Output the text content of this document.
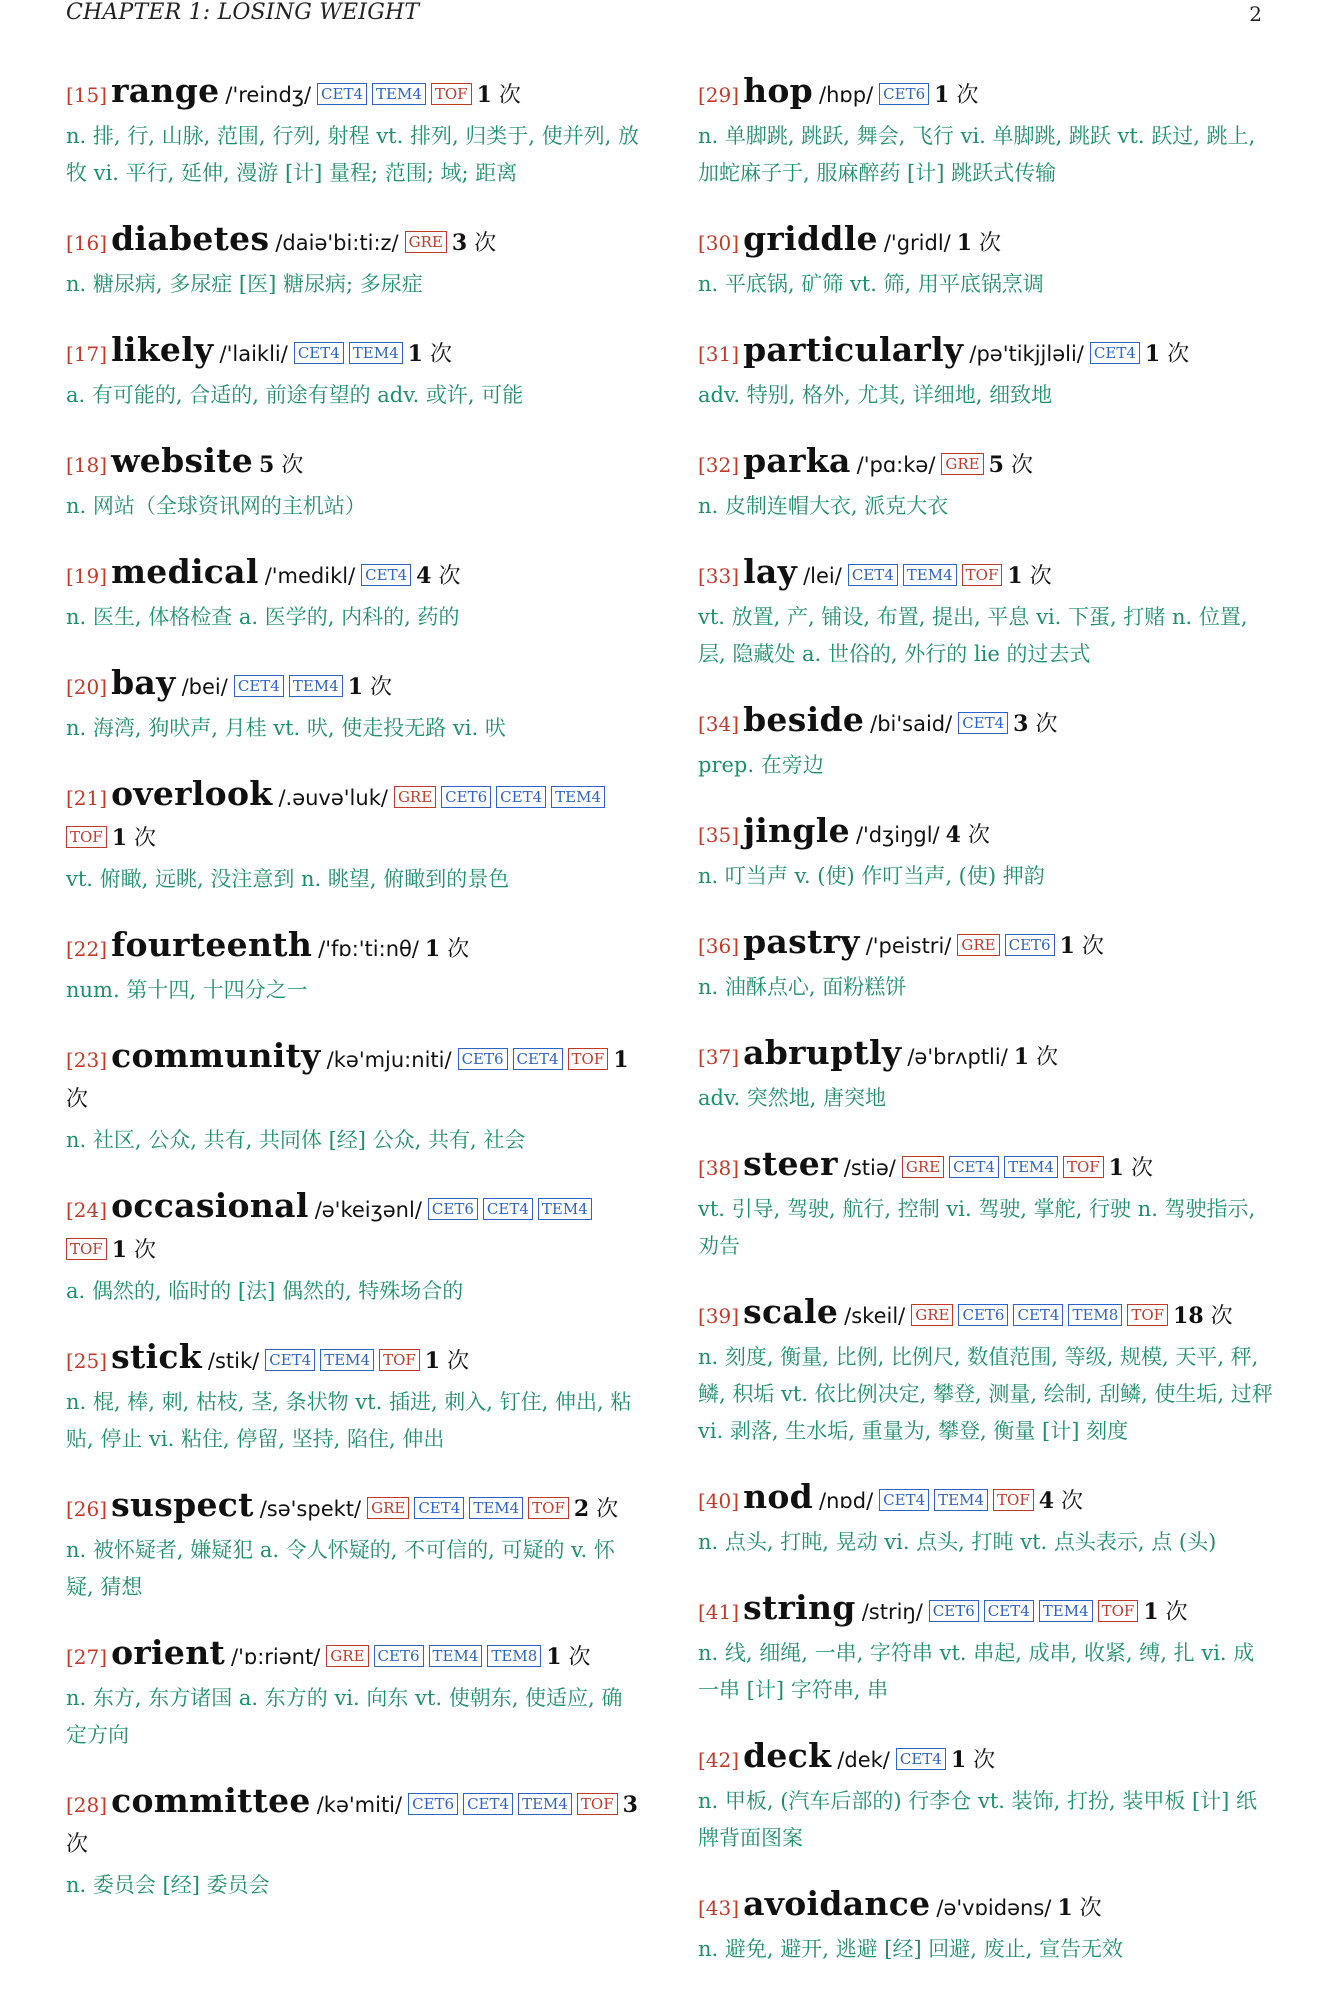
CHAPTER 1: LOSING WEIGHT	2
[15] range /'reindʒ/ CET4 TEM4 TOF 1 次
n. 排, 行, 山脉, 范围, 行列, 射程 vt. 排列, 归类于, 使并列, 放牧 vi. 平行, 延伸, 漫游 [计] 量程; 范围; 域; 距离
[16] diabetes /daiə'bi:ti:z/ GRE 3 次
n. 糖尿病, 多尿症 [医] 糖尿病; 多尿症
[17] likely /'laikli/ CET4 TEM4 1 次
a. 有可能的, 合适的, 前途有望的 adv. 或许, 可能
[18] website 5 次
n. 网站（全球资讯网的主机站）
[19] medical /'medikl/ CET4 4 次
n. 医生, 体格检查 a. 医学的, 内科的, 药的
[20] bay /bei/ CET4 TEM4 1 次
n. 海湾, 狗吠声, 月桂 vt. 吠, 使走投无路 vi. 吠
[21] overlook /.əuvə'luk/ GRE CET6 CET4 TEM4TOF 1 次
vt. 俯瞰, 远眺, 没注意到 n. 眺望, 俯瞰到的景色
[22] fourteenth /'fɒ:'ti:nθ/ 1 次
num. 第十四, 十四分之一
[23] community /kə'mju:niti/ CET6 CET4 TOF 1 次
n. 社区, 公众, 共有, 共同体 [经] 公众, 共有, 社会
[24] occasional /ə'keiʒənl/ CET6 CET4 TEM4TOF 1 次
a. 偶然的, 临时的 [法] 偶然的, 特殊场合的
[25] stick /stik/ CET4 TEM4 TOF 1 次
n. 棍, 棒, 刺, 枯枝, 茎, 条状物 vt. 插进, 刺入, 钉住, 伸出, 粘贴, 停止 vi. 粘住, 停留, 坚持, 陷住, 伸出
[26] suspect /sə'spekt/ GRE CET4 TEM4 TOF 2 次
n. 被怀疑者, 嫌疑犯 a. 令人怀疑的, 不可信的, 可疑的 v. 怀疑, 猜想
[27] orient /'ɒ:riənt/ GRE CET6 TEM4 TEM8 1 次
n. 东方, 东方诸国 a. 东方的 vi. 向东 vt. 使朝东, 使适应, 确定方向
[28] committee /kə'miti/ CET6 CET4 TEM4 TOF 3 次
n. 委员会 [经] 委员会
[29] hop /hɒp/ CET6 1 次
n. 单脚跳, 跳跃, 舞会, 飞行 vi. 单脚跳, 跳跃 vt. 跃过, 跳上, 加蛇麻子于, 服麻醉药 [计] 跳跃式传输
[30] griddle /'gridl/ 1 次
n. 平底锅, 矿筛 vt. 筛, 用平底锅烹调
[31] particularly /pə'tikjjləli/ CET4 1 次
adv. 特别, 格外, 尤其, 详细地, 细致地
[32] parka /'pɑ:kə/ GRE 5 次
n. 皮制连帽大衣, 派克大衣
[33] lay /lei/ CET4 TEM4 TOF 1 次
vt. 放置, 产, 铺设, 布置, 提出, 平息 vi. 下蛋, 打赌 n. 位置, 层, 隐藏处 a. 世俗的, 外行的 lie 的过去式
[34] beside /bi'said/ CET4 3 次
prep. 在旁边
[35] jingle /'dʒiŋgl/ 4 次
n. 叮当声 v. (使) 作叮当声, (使) 押韵
[36] pastry /'peistri/ GRE CET6 1 次
n. 油酥点心, 面粉糕饼
[37] abruptly /ə'brʌptli/ 1 次
adv. 突然地, 唐突地
[38] steer /stiə/ GRE CET4 TEM4 TOF 1 次
vt. 引导, 驾驶, 航行, 控制 vi. 驾驶, 掌舵, 行驶 n. 驾驶指示, 劝告
[39] scale /skeil/ GRE CET6 CET4 TEM8 TOF 18 次
n. 刻度, 衡量, 比例, 比例尺, 数值范围, 等级, 规模, 天平, 秤, 鳞, 积垢 vt. 依比例决定, 攀登, 测量, 绘制, 刮鳞, 使生垢, 过秤 vi. 剥落, 生水垢, 重量为, 攀登, 衡量 [计] 刻度
[40] nod /nɒd/ CET4 TEM4 TOF 4 次
n. 点头, 打盹, 晃动 vi. 点头, 打盹 vt. 点头表示, 点 (头)
[41] string /striŋ/ CET6 CET4 TEM4 TOF 1 次
n. 线, 细绳, 一串, 字符串 vt. 串起, 成串, 收紧, 缚, 扎 vi. 成一串 [计] 字符串, 串
[42] deck /dek/ CET4 1 次
n. 甲板, (汽车后部的) 行李仓 vt. 装饰, 打扮, 装甲板 [计] 纸牌背面图案
[43] avoidance /ə'vɒidəns/ 1 次
n. 避免, 避开, 逃避 [经] 回避, 废止, 宣告无效
